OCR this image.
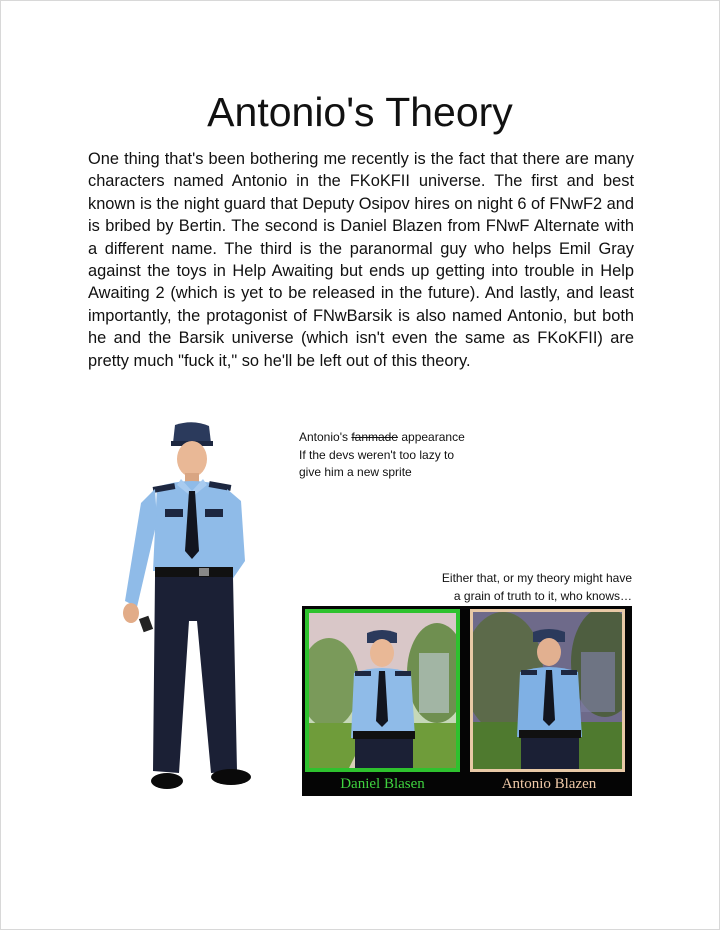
Antonio's Theory

One thing that's been bothering me recently is the fact that there are many characters named Antonio in the FKoKFII universe. The first and best known is the night guard that Deputy Osipov hires on night 6 of FNwF2 and is bribed by Bertin. The second is Daniel Blazen from FNwF Alternate with a different name. The third is the paranormal guy who helps Emil Gray against the toys in Help Awaiting but ends up getting into trouble in Help Awaiting 2 (which is yet to be released in the future). And lastly, and least importantly, the protagonist of FNwBarsik is also named Antonio, but both he and the Barsik universe (which isn't even the same as FKoKFII) are pretty much "fuck it," so he'll be left out of this theory.

Antonio's fanmade appearance
If the devs weren't too lazy to
give him a new sprite
Either that, or my theory might have
a grain of truth to it, who knows…
Daniel Blasen	Antonio Blazen
